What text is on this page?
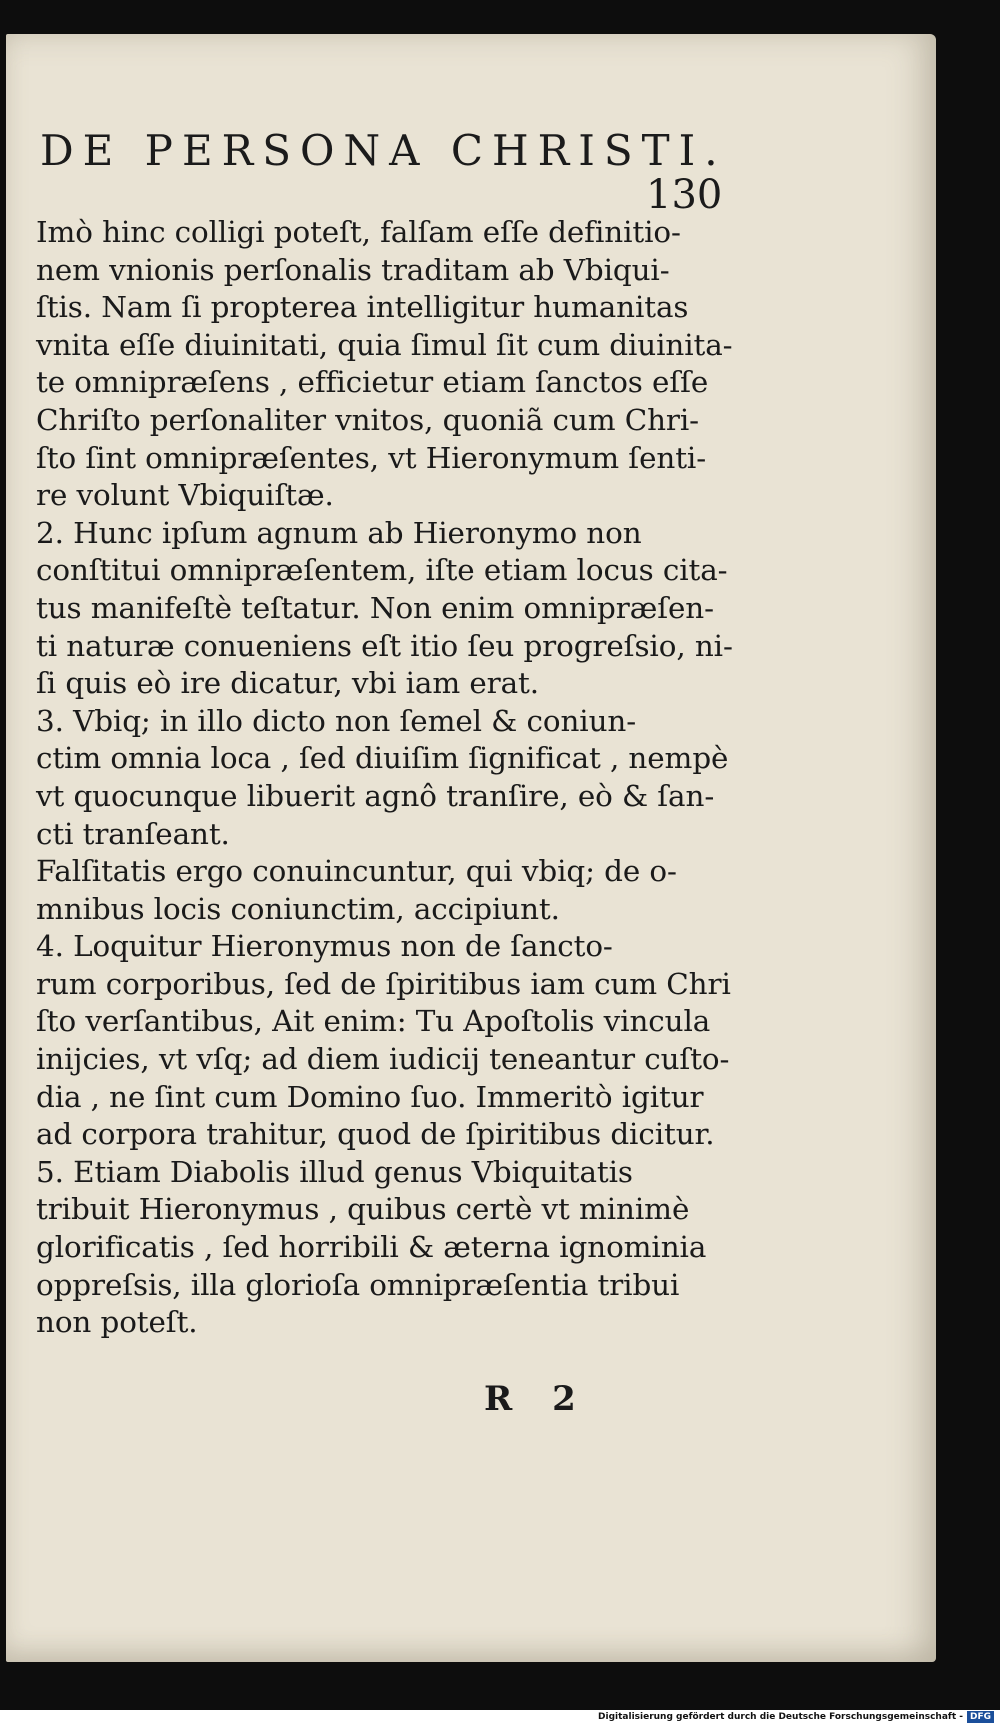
DE PERSONA CHRISTI.
130
Imò hinc colligi poteſt, falſam eſſe definitio-
nem vnionis perſonalis traditam ab Vbiqui-
ſtis. Nam ſi propterea intelligitur humanitas
vnita eſſe diuinitati, quia ſimul ſit cum diuinita-
te omnipræſens , efficietur etiam ſanctos eſſe
Chriſto perſonaliter vnitos, quoniã cum Chri-
ſto ſint omnipræſentes, vt Hieronymum ſenti-
re volunt Vbiquiſtæ.
2. Hunc ipſum agnum ab Hieronymo non
conſtitui omnipræſentem, iſte etiam locus cita-
tus manifeſtè teſtatur. Non enim omnipræſen-
ti naturæ conueniens eſt itio ſeu progreſsio, ni-
ſi quis eò ire dicatur, vbi iam erat.
3. Vbiq; in illo dicto non ſemel & coniun-
ctim omnia loca , ſed diuiſim ſignificat , nempè
vt quocunque libuerit agnô tranſire, eò & ſan-
cti tranſeant.
Falſitatis ergo conuincuntur, qui vbiq; de o-
mnibus locis coniunctim, accipiunt.
4. Loquitur Hieronymus non de ſancto-
rum corporibus, ſed de ſpiritibus iam cum Chri
ſto verſantibus, Ait enim: Tu Apoſtolis vincula
inijcies, vt vſq; ad diem iudicij teneantur cuſto-
dia , ne ſint cum Domino ſuo. Immeritò igitur
ad corpora trahitur, quod de ſpiritibus dicitur.
5. Etiam Diabolis illud genus Vbiquitatis
tribuit Hieronymus , quibus certè vt minimè
glorificatis , ſed horribili & æterna ignominia
oppreſsis, illa glorioſa omnipræſentia tribui
non poteſt.
R 2
Digitalisierung gefördert durch die Deutsche Forschungsgemeinschaft - DFG
